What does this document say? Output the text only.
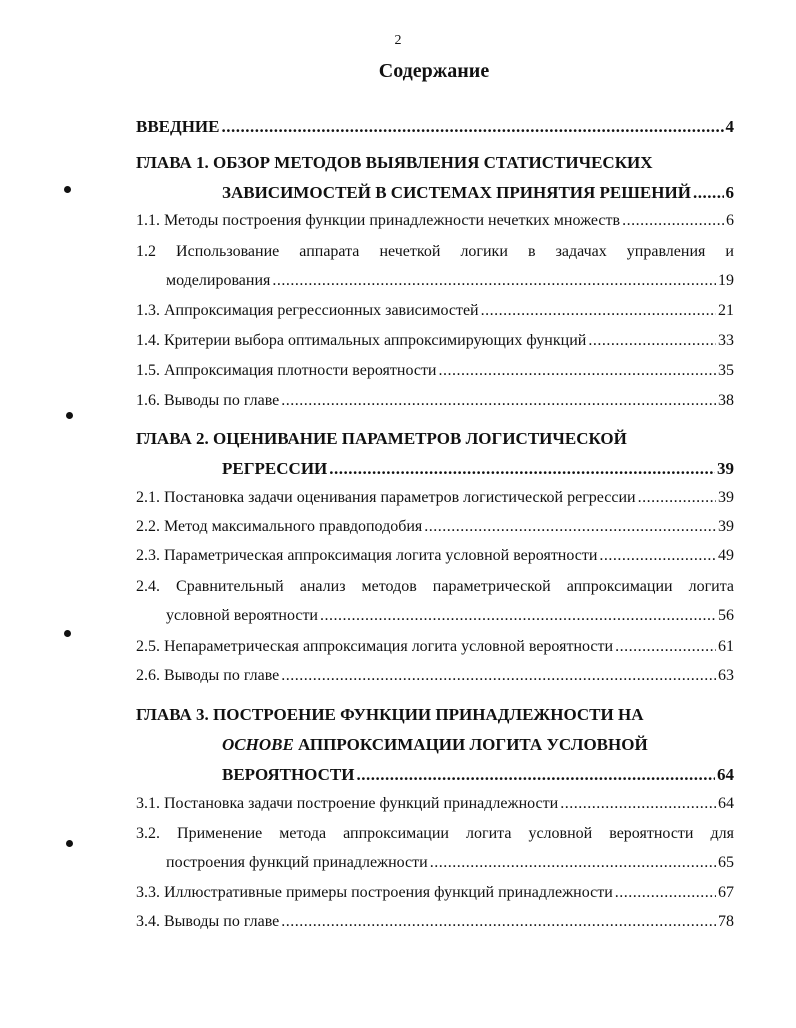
2
Содержание
ВВЕДНИЕ .....	4
ГЛАВА 1. ОБЗОР МЕТОДОВ ВЫЯВЛЕНИЯ СТАТИСТИЧЕСКИХ
ЗАВИСИМОСТЕЙ В СИСТЕМАХ ПРИНЯТИЯ РЕШЕНИЙ ..... 6
1.1. Методы построения функции принадлежности нечетких множеств .....	6
1.2 Использование аппарата нечеткой логики в задачах управления и
моделирования .....	19
1.3. Аппроксимация регрессионных зависимостей .....	21
1.4. Критерии выбора оптимальных аппроксимирующих функций .....	33
1.5. Аппроксимация плотности вероятности .....	35
1.6. Выводы по главе .....	38
ГЛАВА 2. ОЦЕНИВАНИЕ ПАРАМЕТРОВ ЛОГИСТИЧЕСКОЙ
РЕГРЕССИИ .....	39
2.1. Постановка задачи оценивания параметров логистической регрессии .....	39
2.2. Метод максимального правдоподобия .....	39
2.3. Параметрическая аппроксимация логита условной вероятности .....	49
2.4. Сравнительный анализ методов параметрической аппроксимации логита
условной вероятности .....	56
2.5. Непараметрическая аппроксимация логита условной вероятности .....	61
2.6. Выводы по главе .....	63
ГЛАВА 3. ПОСТРОЕНИЕ ФУНКЦИИ ПРИНАДЛЕЖНОСТИ НА
ОСНОВЕ АППРОКСИМАЦИИ ЛОГИТА УСЛОВНОЙ
ВЕРОЯТНОСТИ .....	64
3.1. Постановка задачи построение функций принадлежности .....	64
3.2. Применение метода аппроксимации логита условной вероятности для
построения функций принадлежности .....	65
3.3. Иллюстративные примеры построения функций принадлежности .....	67
3.4. Выводы по главе .....	78
